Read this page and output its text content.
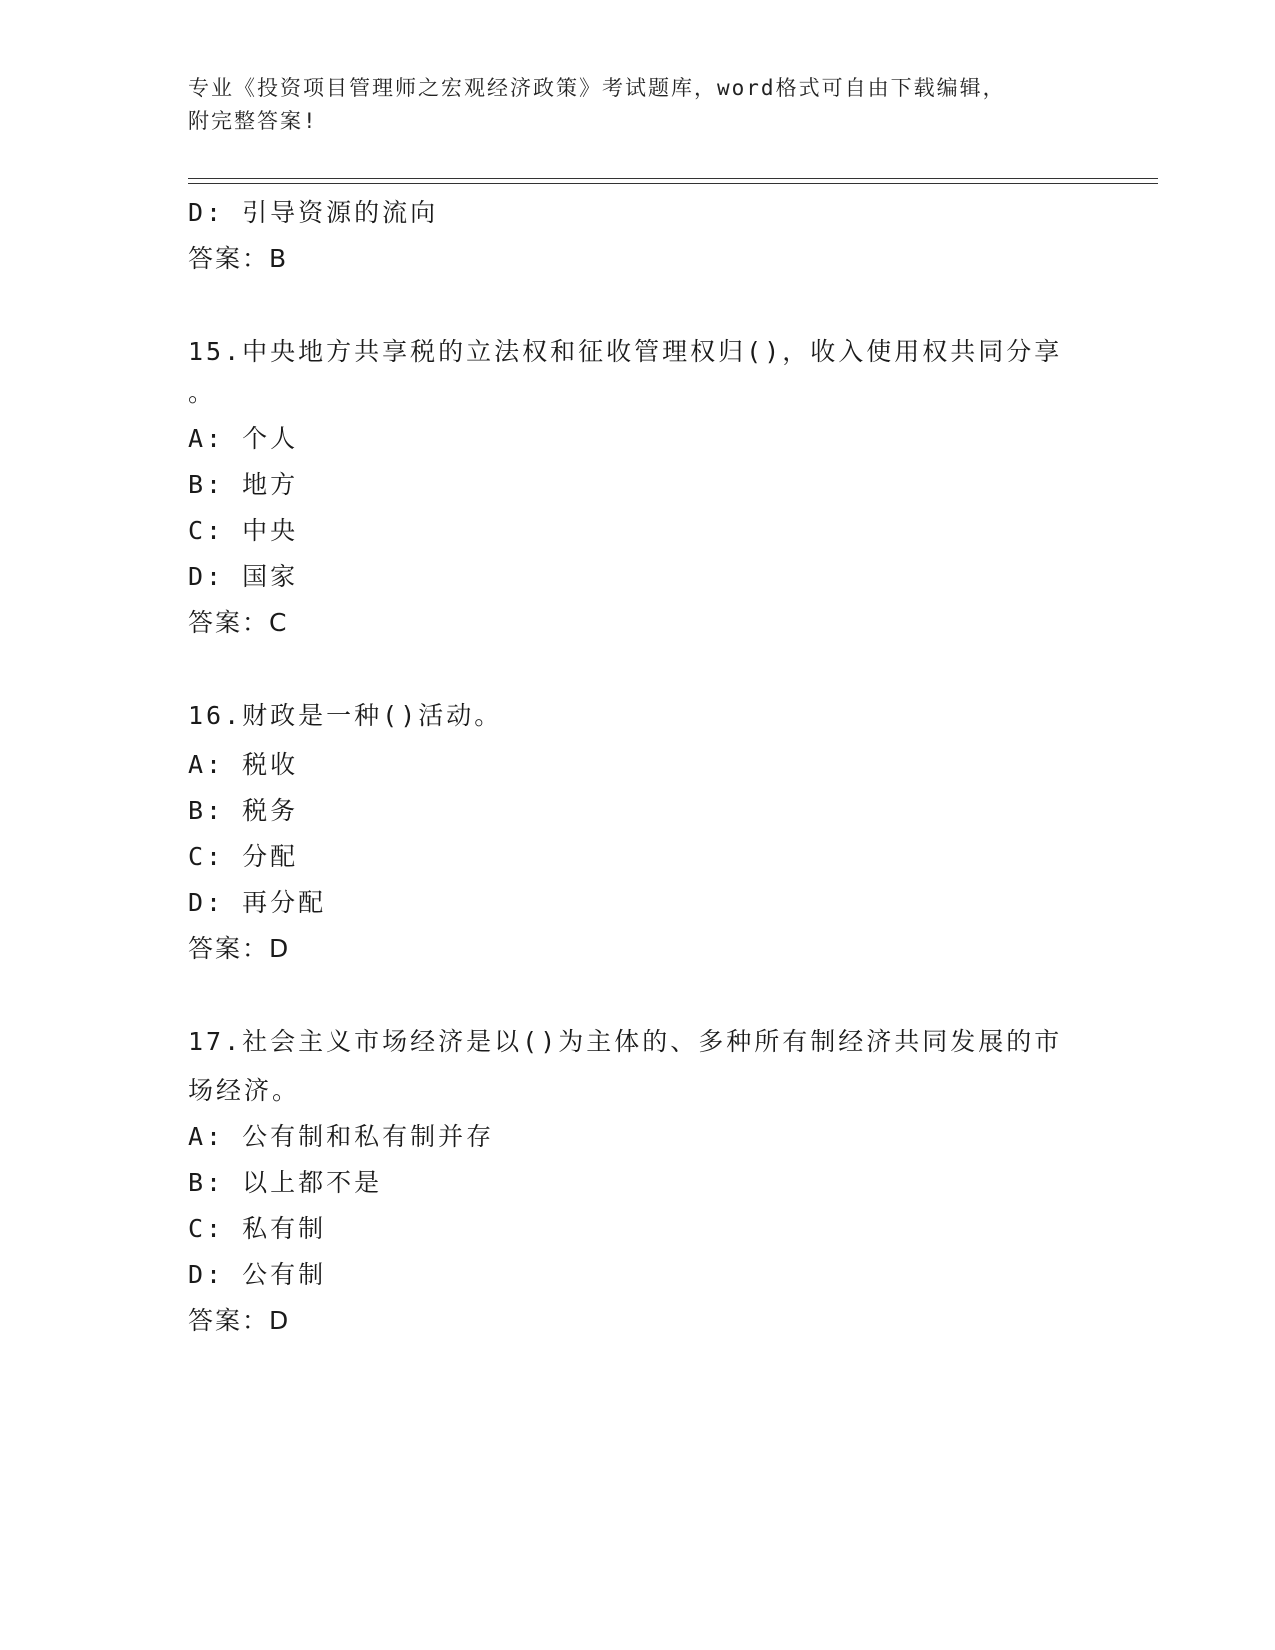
专业《投资项目管理师之宏观经济政策》考试题库，word格式可自由下载编辑，
附完整答案!
D: 引导资源的流向
答案：B
15.中央地方共享税的立法权和征收管理权归()，收入使用权共同分享
。
A: 个人
B: 地方
C: 中央
D: 国家
答案：C
16.财政是一种()活动。
A: 税收
B: 税务
C: 分配
D: 再分配
答案：D
17.社会主义市场经济是以()为主体的、多种所有制经济共同发展的市
场经济。
A: 公有制和私有制并存
B: 以上都不是
C: 私有制
D: 公有制
答案：D
